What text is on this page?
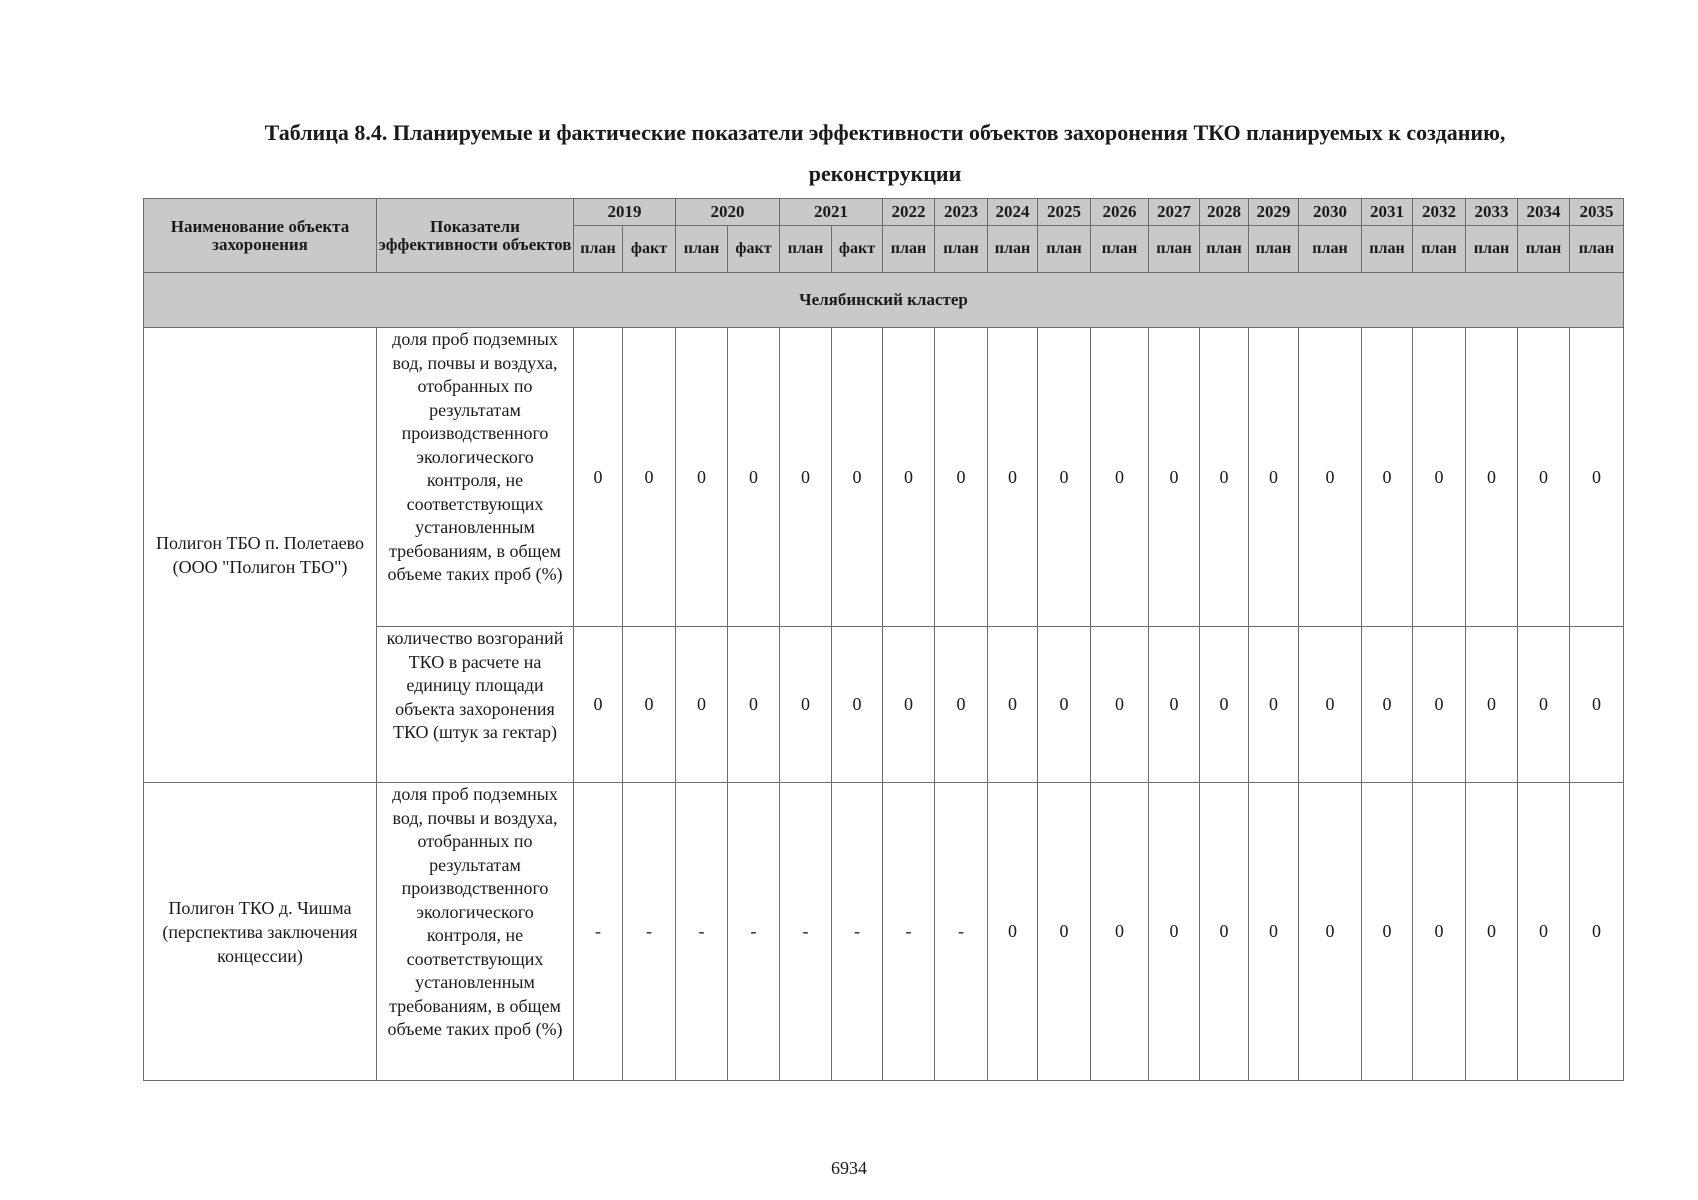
Таблица 8.4. Планируемые и фактические показатели эффективности объектов захоронения ТКО планируемых к созданию,
реконструкции
Наименование объекта захоронения	Показатели эффективности объектов	2019		2020		2021		2022	2023	2024	2025	2026	2027	2028	2029	2030	2031	2032	2033	2034	2035
		план	факт	план	факт	план	факт	план	план	план	план	план	план	план	план	план	план	план	план	план	план
Челябинский кластер																					
Полигон ТБО п. Полетаево (ООО "Полигон ТБО")	доля проб подземных вод, почвы и воздуха, отобранных по результатам производственного экологического контроля, не соответствующих установленным требованиям, в общем объеме таких проб (%)	0	0	0	0	0	0	0	0	0	0	0	0	0	0	0	0	0	0	0	0
	количество возгораний ТКО в расчете на единицу площади объекта захоронения ТКО (штук за гектар)	0	0	0	0	0	0	0	0	0	0	0	0	0	0	0	0	0	0	0	0
Полигон ТКО д. Чишма (перспектива заключения концессии)	доля проб подземных вод, почвы и воздуха, отобранных по результатам производственного экологического контроля, не соответствующих установленным требованиям, в общем объеме таких проб (%)	-	-	-	-	-	-	-	-	0	0	0	0	0	0	0	0	0	0	0	0
6934
